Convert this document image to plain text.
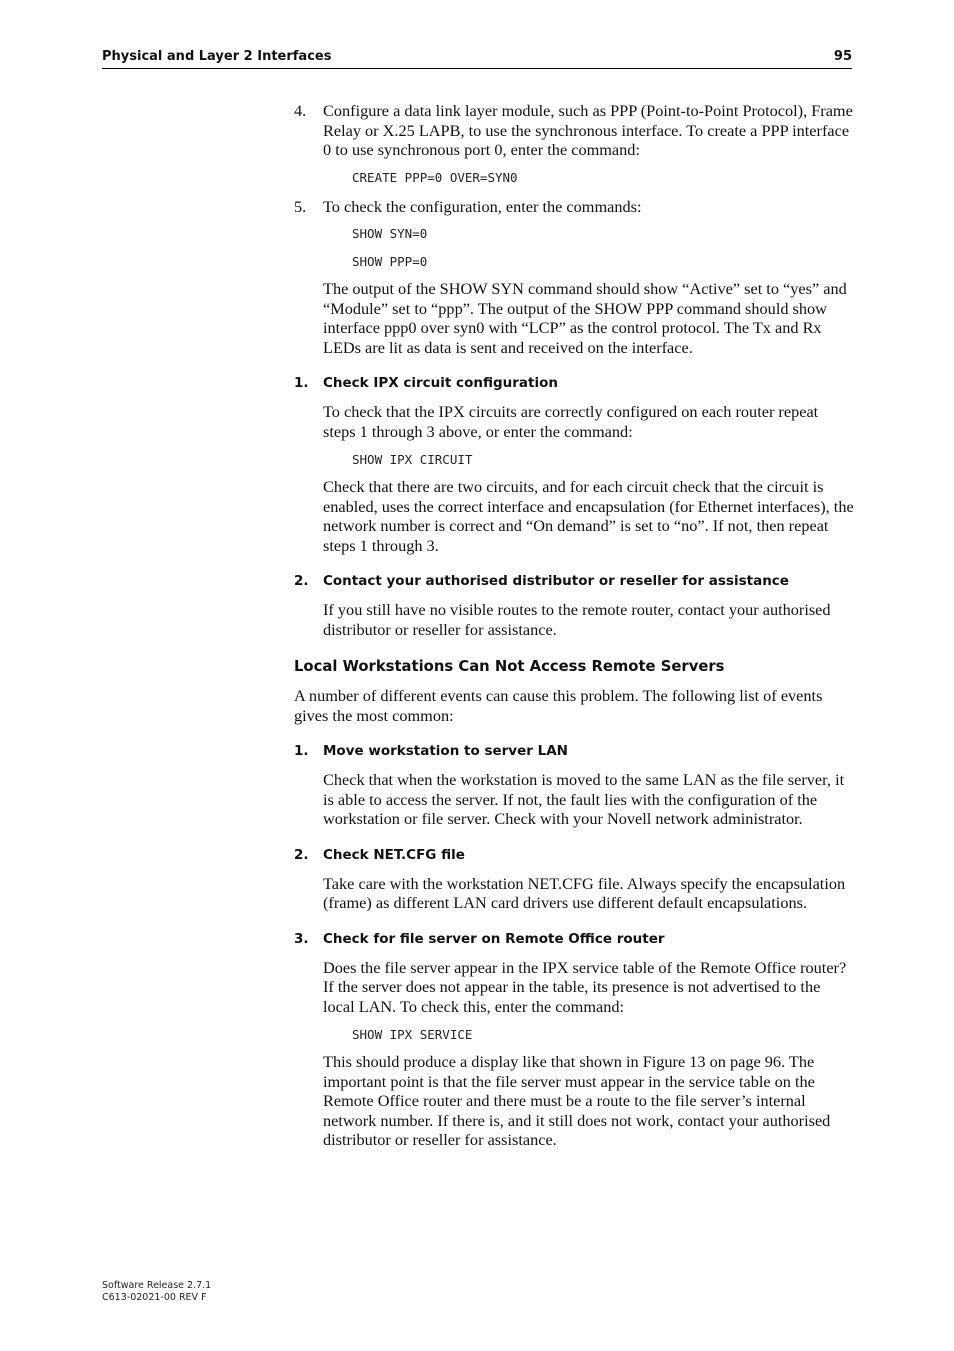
Physical and Layer 2 Interfaces	95
4. Configure a data link layer module, such as PPP (Point-to-Point Protocol), Frame Relay or X.25 LAPB, to use the synchronous interface. To create a PPP interface 0 to use synchronous port 0, enter the command:
CREATE PPP=0 OVER=SYN0
5. To check the configuration, enter the commands:
SHOW SYN=0
SHOW PPP=0

The output of the SHOW SYN command should show “Active” set to “yes” and “Module” set to “ppp”. The output of the SHOW PPP command should show interface ppp0 over syn0 with “LCP” as the control protocol. The Tx and Rx LEDs are lit as data is sent and received on the interface.

1. Check IPX circuit configuration

To check that the IPX circuits are correctly configured on each router repeat steps 1 through 3 above, or enter the command:

SHOW IPX CIRCUIT

Check that there are two circuits, and for each circuit check that the circuit is enabled, uses the correct interface and encapsulation (for Ethernet interfaces), the network number is correct and “On demand” is set to “no”. If not, then repeat steps 1 through 3.

2. Contact your authorised distributor or reseller for assistance

If you still have no visible routes to the remote router, contact your authorised distributor or reseller for assistance.

Local Workstations Can Not Access Remote Servers

A number of different events can cause this problem. The following list of events gives the most common:

1. Move workstation to server LAN

Check that when the workstation is moved to the same LAN as the file server, it is able to access the server. If not, the fault lies with the configuration of the workstation or file server. Check with your Novell network administrator.

2. Check NET.CFG file

Take care with the workstation NET.CFG file. Always specify the encapsulation (frame) as different LAN card drivers use different default encapsulations.

3. Check for file server on Remote Office router

Does the file server appear in the IPX service table of the Remote Office router? If the server does not appear in the table, its presence is not advertised to the local LAN. To check this, enter the command:

SHOW IPX SERVICE

This should produce a display like that shown in Figure 13 on page 96. The important point is that the file server must appear in the service table on the Remote Office router and there must be a route to the file server’s internal network number. If there is, and it still does not work, contact your authorised distributor or reseller for assistance.

Software Release 2.7.1
C613-02021-00 REV F
